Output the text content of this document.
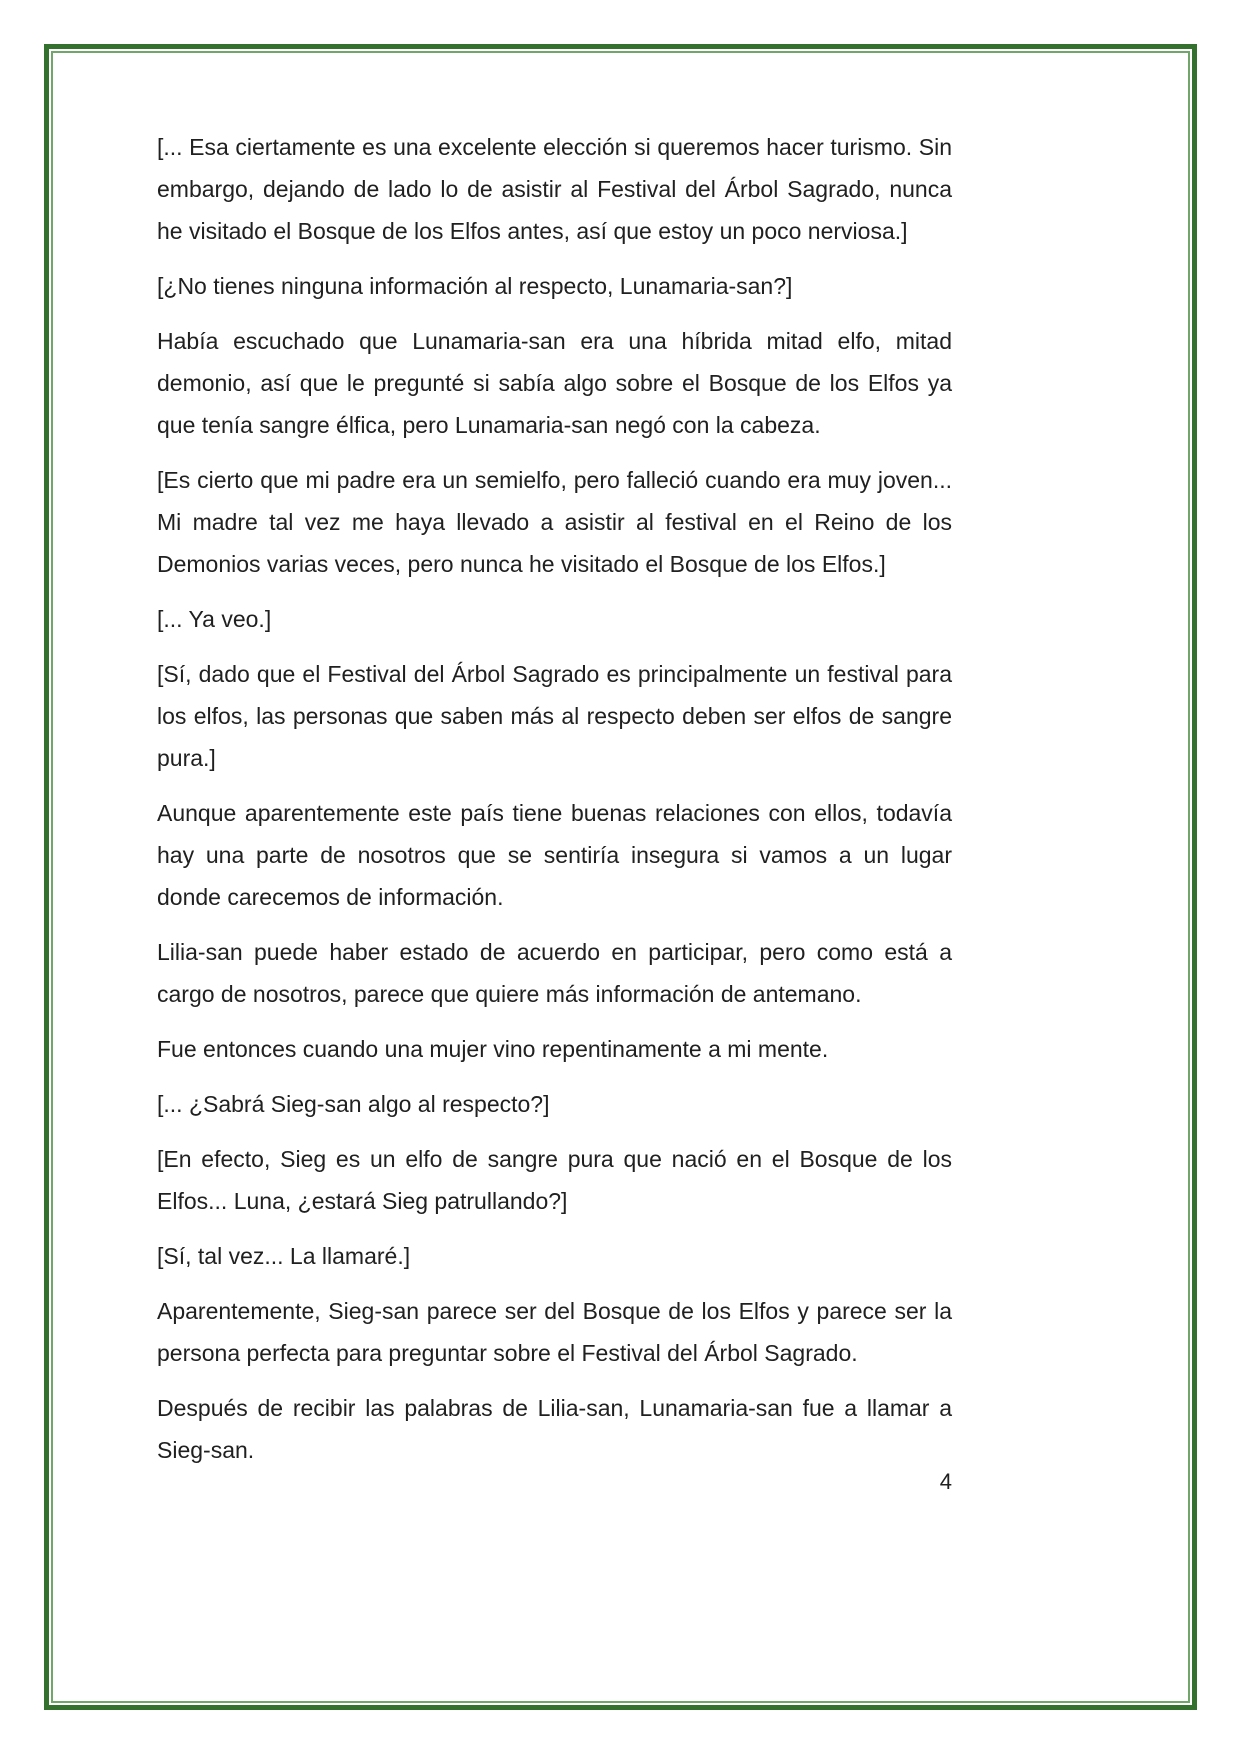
[... Esa ciertamente es una excelente elección si queremos hacer turismo. Sin embargo, dejando de lado lo de asistir al Festival del Árbol Sagrado, nunca he visitado el Bosque de los Elfos antes, así que estoy un poco nerviosa.]

[¿No tienes ninguna información al respecto, Lunamaria-san?]

Había escuchado que Lunamaria-san era una híbrida mitad elfo, mitad demonio, así que le pregunté si sabía algo sobre el Bosque de los Elfos ya que tenía sangre élfica, pero Lunamaria-san negó con la cabeza.

[Es cierto que mi padre era un semielfo, pero falleció cuando era muy joven... Mi madre tal vez me haya llevado a asistir al festival en el Reino de los Demonios varias veces, pero nunca he visitado el Bosque de los Elfos.]

[... Ya veo.]

[Sí, dado que el Festival del Árbol Sagrado es principalmente un festival para los elfos, las personas que saben más al respecto deben ser elfos de sangre pura.]

Aunque aparentemente este país tiene buenas relaciones con ellos, todavía hay una parte de nosotros que se sentiría insegura si vamos a un lugar donde carecemos de información.

Lilia-san puede haber estado de acuerdo en participar, pero como está a cargo de nosotros, parece que quiere más información de antemano.

Fue entonces cuando una mujer vino repentinamente a mi mente.

[... ¿Sabrá Sieg-san algo al respecto?]

[En efecto, Sieg es un elfo de sangre pura que nació en el Bosque de los Elfos... Luna, ¿estará Sieg patrullando?]

[Sí, tal vez... La llamaré.]

Aparentemente, Sieg-san parece ser del Bosque de los Elfos y parece ser la persona perfecta para preguntar sobre el Festival del Árbol Sagrado.

Después de recibir las palabras de Lilia-san, Lunamaria-san fue a llamar a Sieg-san.

4
